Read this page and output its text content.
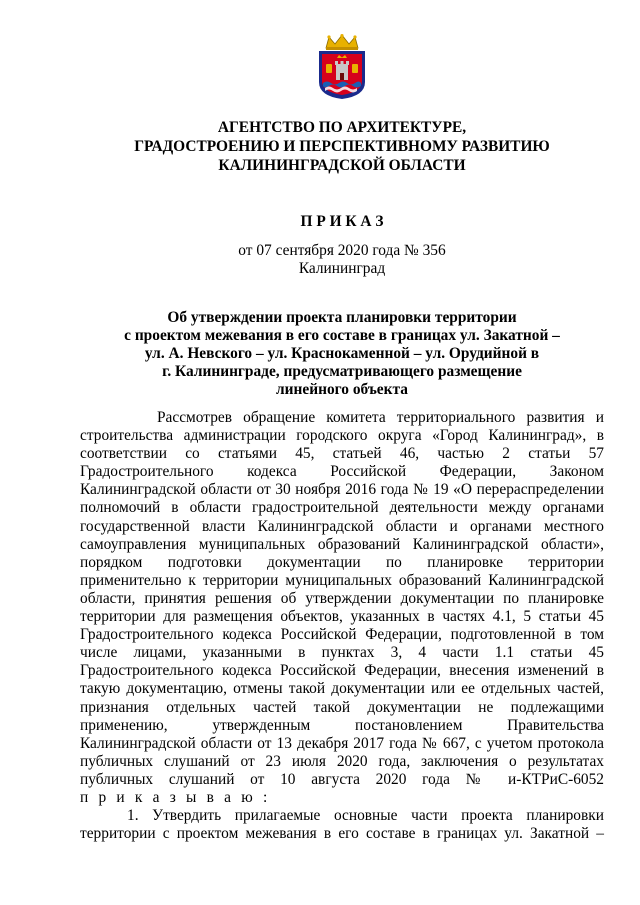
АГЕНТСТВО ПО АРХИТЕКТУРЕ,
ГРАДОСТРОЕНИЮ И ПЕРСПЕКТИВНОМУ РАЗВИТИЮ
КАЛИНИНГРАДСКОЙ ОБЛАСТИ
П Р И К А З
от 07 сентября 2020 года № 356
Калининград
Об утверждении проекта планировки территории
с проектом межевания в его составе в границах ул. Закатной –
ул. А. Невского – ул. Краснокаменной – ул. Орудийной в
г. Калининграде, предусматривающего размещение
линейного объекта
Рассмотрев обращение комитета территориального развития и
строительства администрации городского округа «Город Калининград», в
соответствии со статьями 45, статьей 46, частью 2 статьи 57
Градостроительного кодекса Российской Федерации, Законом
Калининградской области от 30 ноября 2016 года № 19 «О перераспределении
полномочий в области градостроительной деятельности между органами
государственной власти Калининградской области и органами местного
самоуправления муниципальных образований Калининградской области»,
порядком подготовки документации по планировке территории
применительно к территории муниципальных образований Калининградской
области, принятия решения об утверждении документации по планировке
территории для размещения объектов, указанных в частях 4.1, 5 статьи 45
Градостроительного кодекса Российской Федерации, подготовленной в том
числе лицами, указанными в пунктах 3, 4 части 1.1 статьи 45
Градостроительного кодекса Российской Федерации, внесения изменений в
такую документацию, отмены такой документации или ее отдельных частей,
признания отдельных частей такой документации не подлежащими
применению, утвержденным постановлением Правительства
Калининградской области от 13 декабря 2017 года № 667, с учетом протокола
публичных слушаний от 23 июля 2020 года, заключения о результатах
публичных слушаний от 10 августа 2020 года № и-КТРиС-6052
п р и к а з ы в а ю :
1. Утвердить прилагаемые основные части проекта планировки
территории с проектом межевания в его составе в границах ул. Закатной –
